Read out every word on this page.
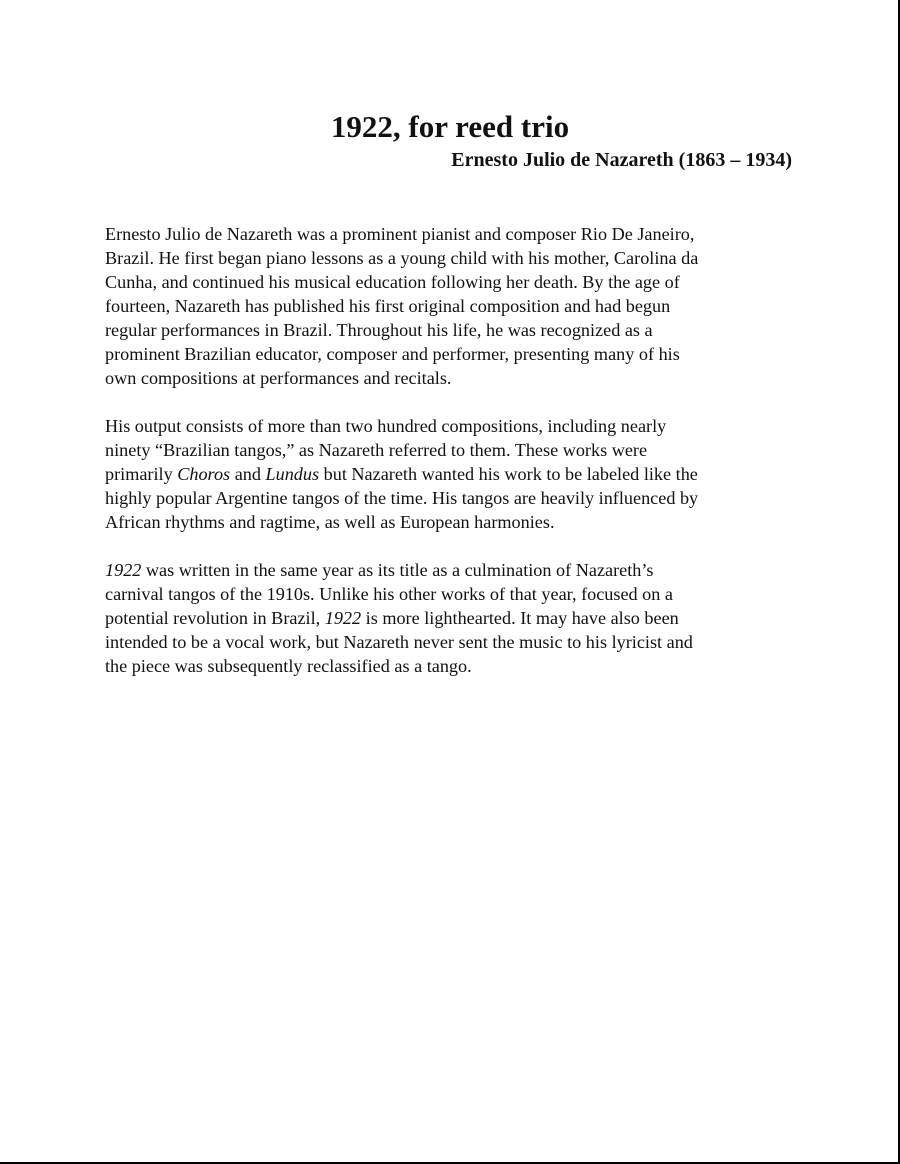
1922, for reed trio
Ernesto Julio de Nazareth (1863 – 1934)

Ernesto Julio de Nazareth was a prominent pianist and composer Rio De Janeiro,
Brazil. He first began piano lessons as a young child with his mother, Carolina da
Cunha, and continued his musical education following her death. By the age of
fourteen, Nazareth has published his first original composition and had begun
regular performances in Brazil. Throughout his life, he was recognized as a
prominent Brazilian educator, composer and performer, presenting many of his
own compositions at performances and recitals.

His output consists of more than two hundred compositions, including nearly
ninety “Brazilian tangos,” as Nazareth referred to them. These works were
primarily Choros and Lundus but Nazareth wanted his work to be labeled like the
highly popular Argentine tangos of the time. His tangos are heavily influenced by
African rhythms and ragtime, as well as European harmonies.

1922 was written in the same year as its title as a culmination of Nazareth’s
carnival tangos of the 1910s. Unlike his other works of that year, focused on a
potential revolution in Brazil, 1922 is more lighthearted. It may have also been
intended to be a vocal work, but Nazareth never sent the music to his lyricist and
the piece was subsequently reclassified as a tango.
